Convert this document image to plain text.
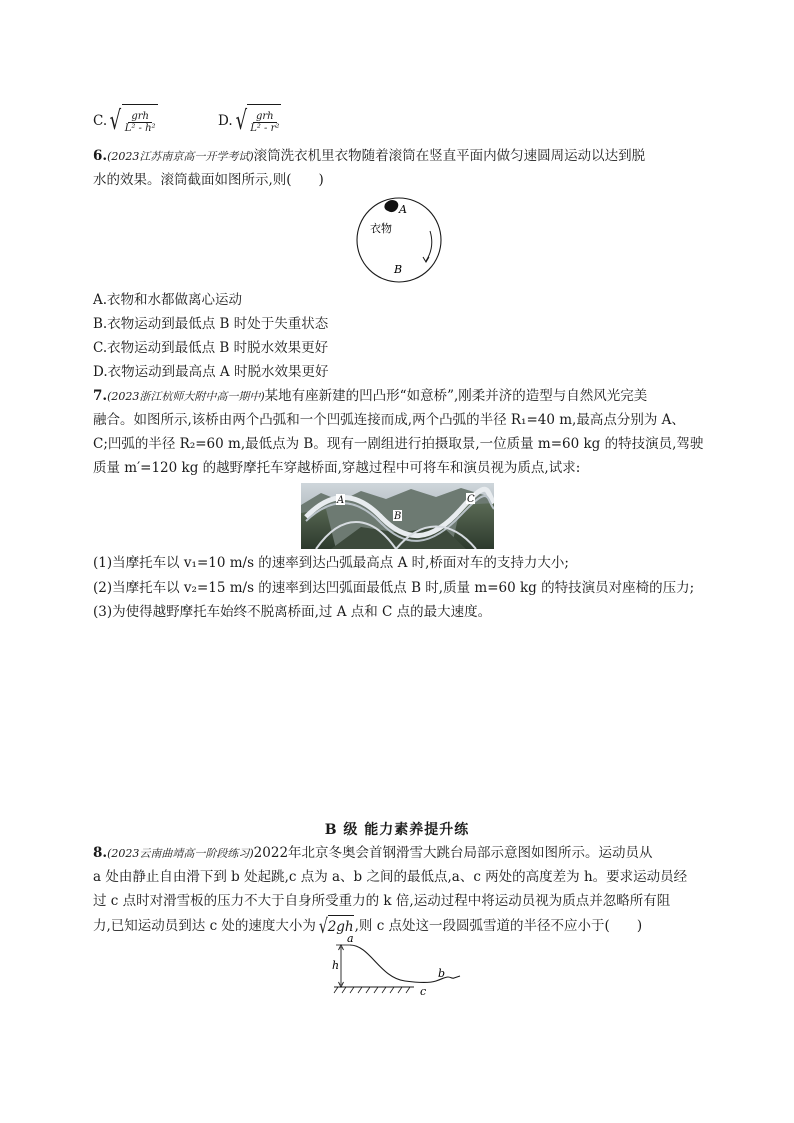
C. √ $\frac{\text{grh}}{\text{L² - h²}}$	D. √ $\frac{\text{grh}}{\text{L² - r²}}$
6.(2023江苏南京高一开学考试)滚筒洗衣机里衣物随着滚筒在竖直平面内做匀速圆周运动以达到脱
水的效果。滚筒截面如图所示,则(　　)
A
衣物
B
A.衣物和水都做离心运动
B.衣物运动到最低点 B 时处于失重状态
C.衣物运动到最低点 B 时脱水效果更好
D.衣物运动到最高点 A 时脱水效果更好
7.(2023浙江杭师大附中高一期中)某地有座新建的凹凸形“如意桥”,刚柔并济的造型与自然风光完美
融合。如图所示,该桥由两个凸弧和一个凹弧连接而成,两个凸弧的半径 R₁=40 m,最高点分别为 A、
C;凹弧的半径 R₂=60 m,最低点为 B。现有一剧组进行拍摄取景,一位质量 m=60 kg 的特技演员,驾驶
质量 m′=120 kg 的越野摩托车穿越桥面,穿越过程中可将车和演员视为质点,试求:
A
B
C
(1)当摩托车以 v₁=10 m/s 的速率到达凸弧最高点 A 时,桥面对车的支持力大小;
(2)当摩托车以 v₂=15 m/s 的速率到达凹弧面最低点 B 时,质量 m=60 kg 的特技演员对座椅的压力;
(3)为使得越野摩托车始终不脱离桥面,过 A 点和 C 点的最大速度。
B 级 能力素养提升练
8.(2023云南曲靖高一阶段练习)2022年北京冬奥会首钢滑雪大跳台局部示意图如图所示。运动员从
a 处由静止自由滑下到 b 处起跳,c 点为 a、b 之间的最低点,a、c 两处的高度差为 h。要求运动员经
过 c 点时对滑雪板的压力不大于自身所受重力的 k 倍,运动过程中将运动员视为质点并忽略所有阻
力,已知运动员到达 c 处的速度大小为 √ 2gh ,则 c 点处这一段圆弧雪道的半径不应小于(　　)
a
h
b
c
